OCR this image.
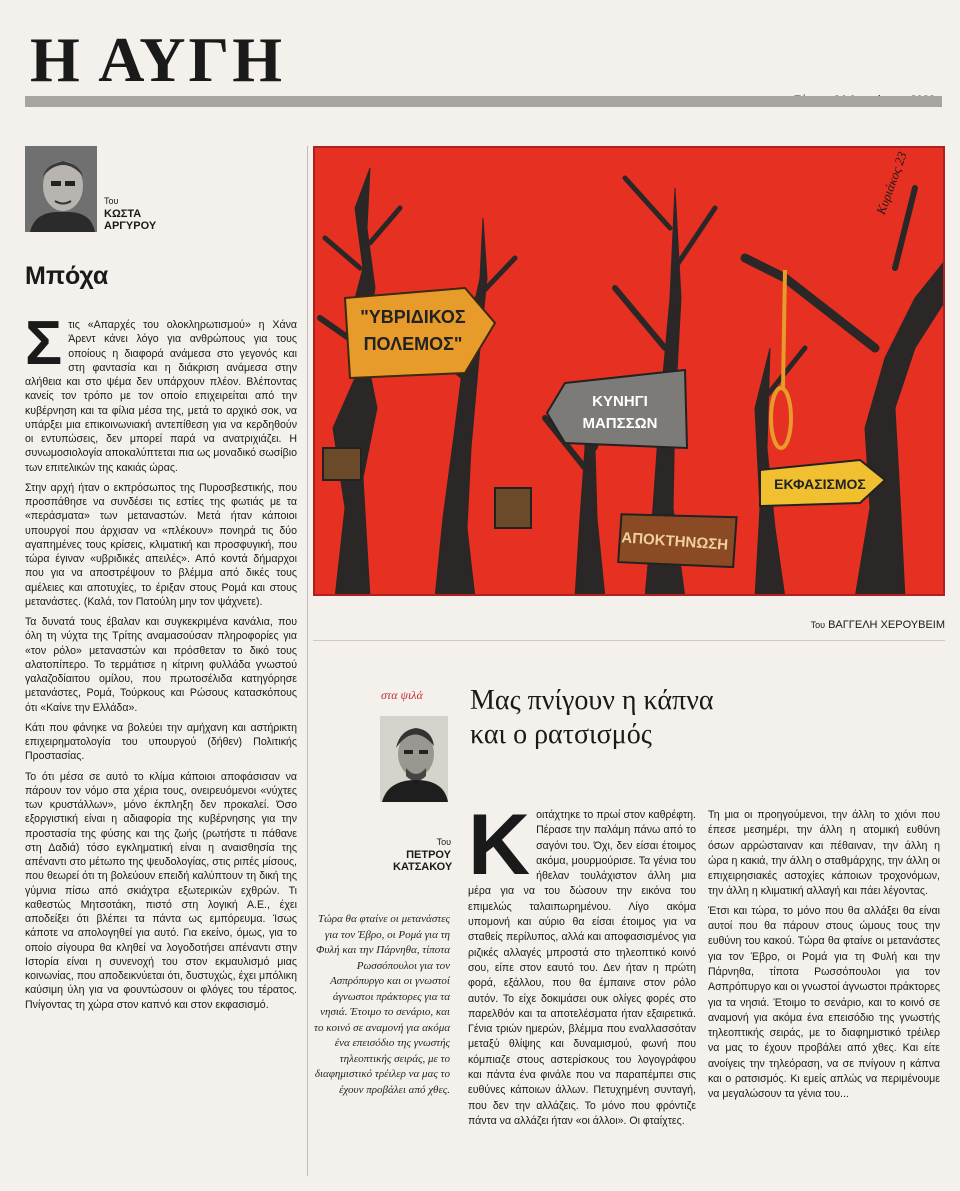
Η ΑΥΓΗ
Του
ΚΩΣΤΑ
ΑΡΓΥΡΟΥ
Μπόχα

Στις «Απαρχές του ολοκληρωτισμού» η Χάνα Άρεντ κάνει λόγο για ανθρώπους για τους οποίους η διαφορά ανάμεσα στο γεγονός και στη φαντασία και η διάκριση ανάμεσα στην αλήθεια και στο ψέμα δεν υπάρχουν πλέον. Βλέποντας κανείς τον τρόπο με τον οποίο επιχειρείται από την κυβέρνηση και τα φίλια μέσα της, μετά το αρχικό σοκ, να υπάρξει μια επικοινωνιακή αντεπίθεση για να κερδηθούν οι εντυπώσεις, δεν μπορεί παρά να ανατριχιάζει. Η συνωμοσιολογία αποκαλύπτεται πια ως μοναδικό σωσίβιο των επιτελικών της κακιάς ώρας.

Στην αρχή ήταν ο εκπρόσωπος της Πυροσβεστικής, που προσπάθησε να συνδέσει τις εστίες της φωτιάς με τα «περάσματα» των μεταναστών. Μετά ήταν κάποιοι υπουργοί που άρχισαν να «πλέκουν» πονηρά τις δύο αγαπημένες τους κρίσεις, κλιματική και προσφυγική, που τώρα έγιναν «υβριδικές απειλές». Από κοντά δήμαρχοι που για να αποστρέψουν το βλέμμα από δικές τους αμέλειες και αποτυχίες, το έριξαν στους Ρομά και στους μετανάστες. (Καλά, τον Πατούλη μην τον ψάχνετε).

Τα δυνατά τους έβαλαν και συγκεκριμένα κανάλια, που όλη τη νύχτα της Τρίτης αναμασούσαν πληροφορίες για «τον ρόλο» μεταναστών και πρόσθεταν το δικό τους αλατοπίπερο. Το τερμάτισε η κίτρινη φυλλάδα γνωστού γαλαζοδίαιτου ομίλου, που πρωτοσέλιδα κατηγόρησε μετανάστες, Ρομά, Τούρκους και Ρώσους κατασκόπους ότι «Καίνε την Ελλάδα».

Κάτι που φάνηκε να βολεύει την αμήχανη και αστήρικτη επιχειρηματολογία του υπουργού (δήθεν) Πολιτικής Προστασίας.

Το ότι μέσα σε αυτό το κλίμα κάποιοι αποφάσισαν να πάρουν τον νόμο στα χέρια τους, ονειρευόμενοι «νύχτες των κρυστάλλων», μόνο έκπληξη δεν προκαλεί. Όσο εξοργιστική είναι η αδιαφορία της κυβέρνησης για την προστασία της φύσης και της ζωής (ρωτήστε τι πάθανε στη Δαδιά) τόσο εγκληματική είναι η αναισθησία της απέναντι στο μέτωπο της ψευδολογίας, στις ριπές μίσους, που θεωρεί ότι τη βολεύουν επειδή καλύπτουν τη δική της γύμνια πίσω από σκιάχτρα εξωτερικών εχθρών. Τι καθεστώς Μητσοτάκη, πιστό στη λογική Α.Ε., έχει αποδείξει ότι βλέπει τα πάντα ως εμπόρευμα. Ίσως κάποτε να απολογηθεί για αυτό. Για εκείνο, όμως, για το οποίο σίγουρα θα κληθεί να λογοδοτήσει απέναντι στην Ιστορία είναι η συνενοχή του στον εκμαυλισμό μιας κοινωνίας, που αποδεικνύεται ότι, δυστυχώς, έχει μπόλικη καύσιμη ύλη για να φουντώσουν οι φλόγες του τέρατος. Πνίγοντας τη χώρα στον καπνό και στον εκφασισμό.

"ΥΒΡΙΔΙΚΟΣ
ΠΟΛΕΜΟΣ"
ΚΥΝΗΓΙ
ΜΑΠΣΣΩΝ
ΑΠΟΚΤΗΝΩΣΗ
ΕΚΦΑΣΙΣΜΟΣ
Κυριάκος 23
Του ΒΑΓΓΕΛΗ ΧΕΡΟΥΒΕΙΜ
στα ψιλά Μας πνίγουν η κάπνα
και ο ρατσισμός
Του
ΠΕΤΡΟΥ
ΚΑΤΣΑΚΟΥ
Τώρα θα φταίνε οι μετανάστες για τον Έβρο, οι Ρομά για τη Φυλή και την Πάρνηθα, τίποτα Ρωσσόπουλοι για τον Ασπρόπυργο και οι γνωστοί άγνωστοι πράκτορες για τα νησιά. Έτοιμο το σενάριο, και το κοινό σε αναμονή για ακόμα ένα επεισόδιο της γνωστής τηλεοπτικής σειράς, με το διαφημιστικό τρέιλερ να μας το έχουν προβάλει από χθες.

Κοιτάχτηκε το πρωί στον καθρέφτη. Πέρασε την παλάμη πάνω από το σαγόνι του. Όχι, δεν είσαι έτοιμος ακόμα, μουρμούρισε. Τα γένια του ήθελαν τουλάχιστον άλλη μια μέρα για να του δώσουν την εικόνα του επιμελώς ταλαιπωρημένου. Λίγο ακόμα υπομονή και αύριο θα είσαι έτοιμος για να σταθείς περίλυπος, αλλά και αποφασισμένος για ριζικές αλλαγές μπροστά στο τηλεοπτικό κοινό σου, είπε στον εαυτό του. Δεν ήταν η πρώτη φορά, εξάλλου, που θα έμπαινε στον ρόλο αυτόν. Το είχε δοκιμάσει ουκ ολίγες φορές στο παρελθόν και τα αποτελέσματα ήταν εξαιρετικά. Γένια τριών ημερών, βλέμμα που εναλλασσόταν μεταξύ θλίψης και δυναμισμού, φωνή που κόμπιαζε στους αστερίσκους του λογογράφου και πάντα ένα φινάλε που να παραπέμπει στις ευθύνες κάποιων άλλων. Πετυχημένη συνταγή, που δεν την αλλάζεις. Το μόνο που φρόντιζε πάντα να αλλάζει ήταν «οι άλλοι». Οι φταίχτες.

Τη μια οι προηγούμενοι, την άλλη το χιόνι που έπεσε μεσημέρι, την άλλη η ατομική ευθύνη όσων αρρώσταιναν και πέθαιναν, την άλλη η ώρα η κακιά, την άλλη ο σταθμάρχης, την άλλη οι επιχειρησιακές αστοχίες κάποιων τροχονόμων, την άλλη η κλιματική αλλαγή και πάει λέγοντας.

Έτσι και τώρα, το μόνο που θα αλλάξει θα είναι αυτοί που θα πάρουν στους ώμους τους την ευθύνη του κακού. Τώρα θα φταίνε οι μετανάστες για τον Έβρο, οι Ρομά για τη Φυλή και την Πάρνηθα, τίποτα Ρωσσόπουλοι για τον Ασπρόπυργο και οι γνωστοί άγνωστοι πράκτορες για τα νησιά. Έτοιμο το σενάριο, και το κοινό σε αναμονή για ακόμα ένα επεισόδιο της γνωστής τηλεοπτικής σειράς, με το διαφημιστικό τρέιλερ να μας το έχουν προβάλει από χθες. Και είτε ανοίγεις την τηλεόραση, να σε πνίγουν η κάπνα και ο ρατσισμός. Κι εμείς απλώς να περιμένουμε να μεγαλώσουν τα γένια του...
